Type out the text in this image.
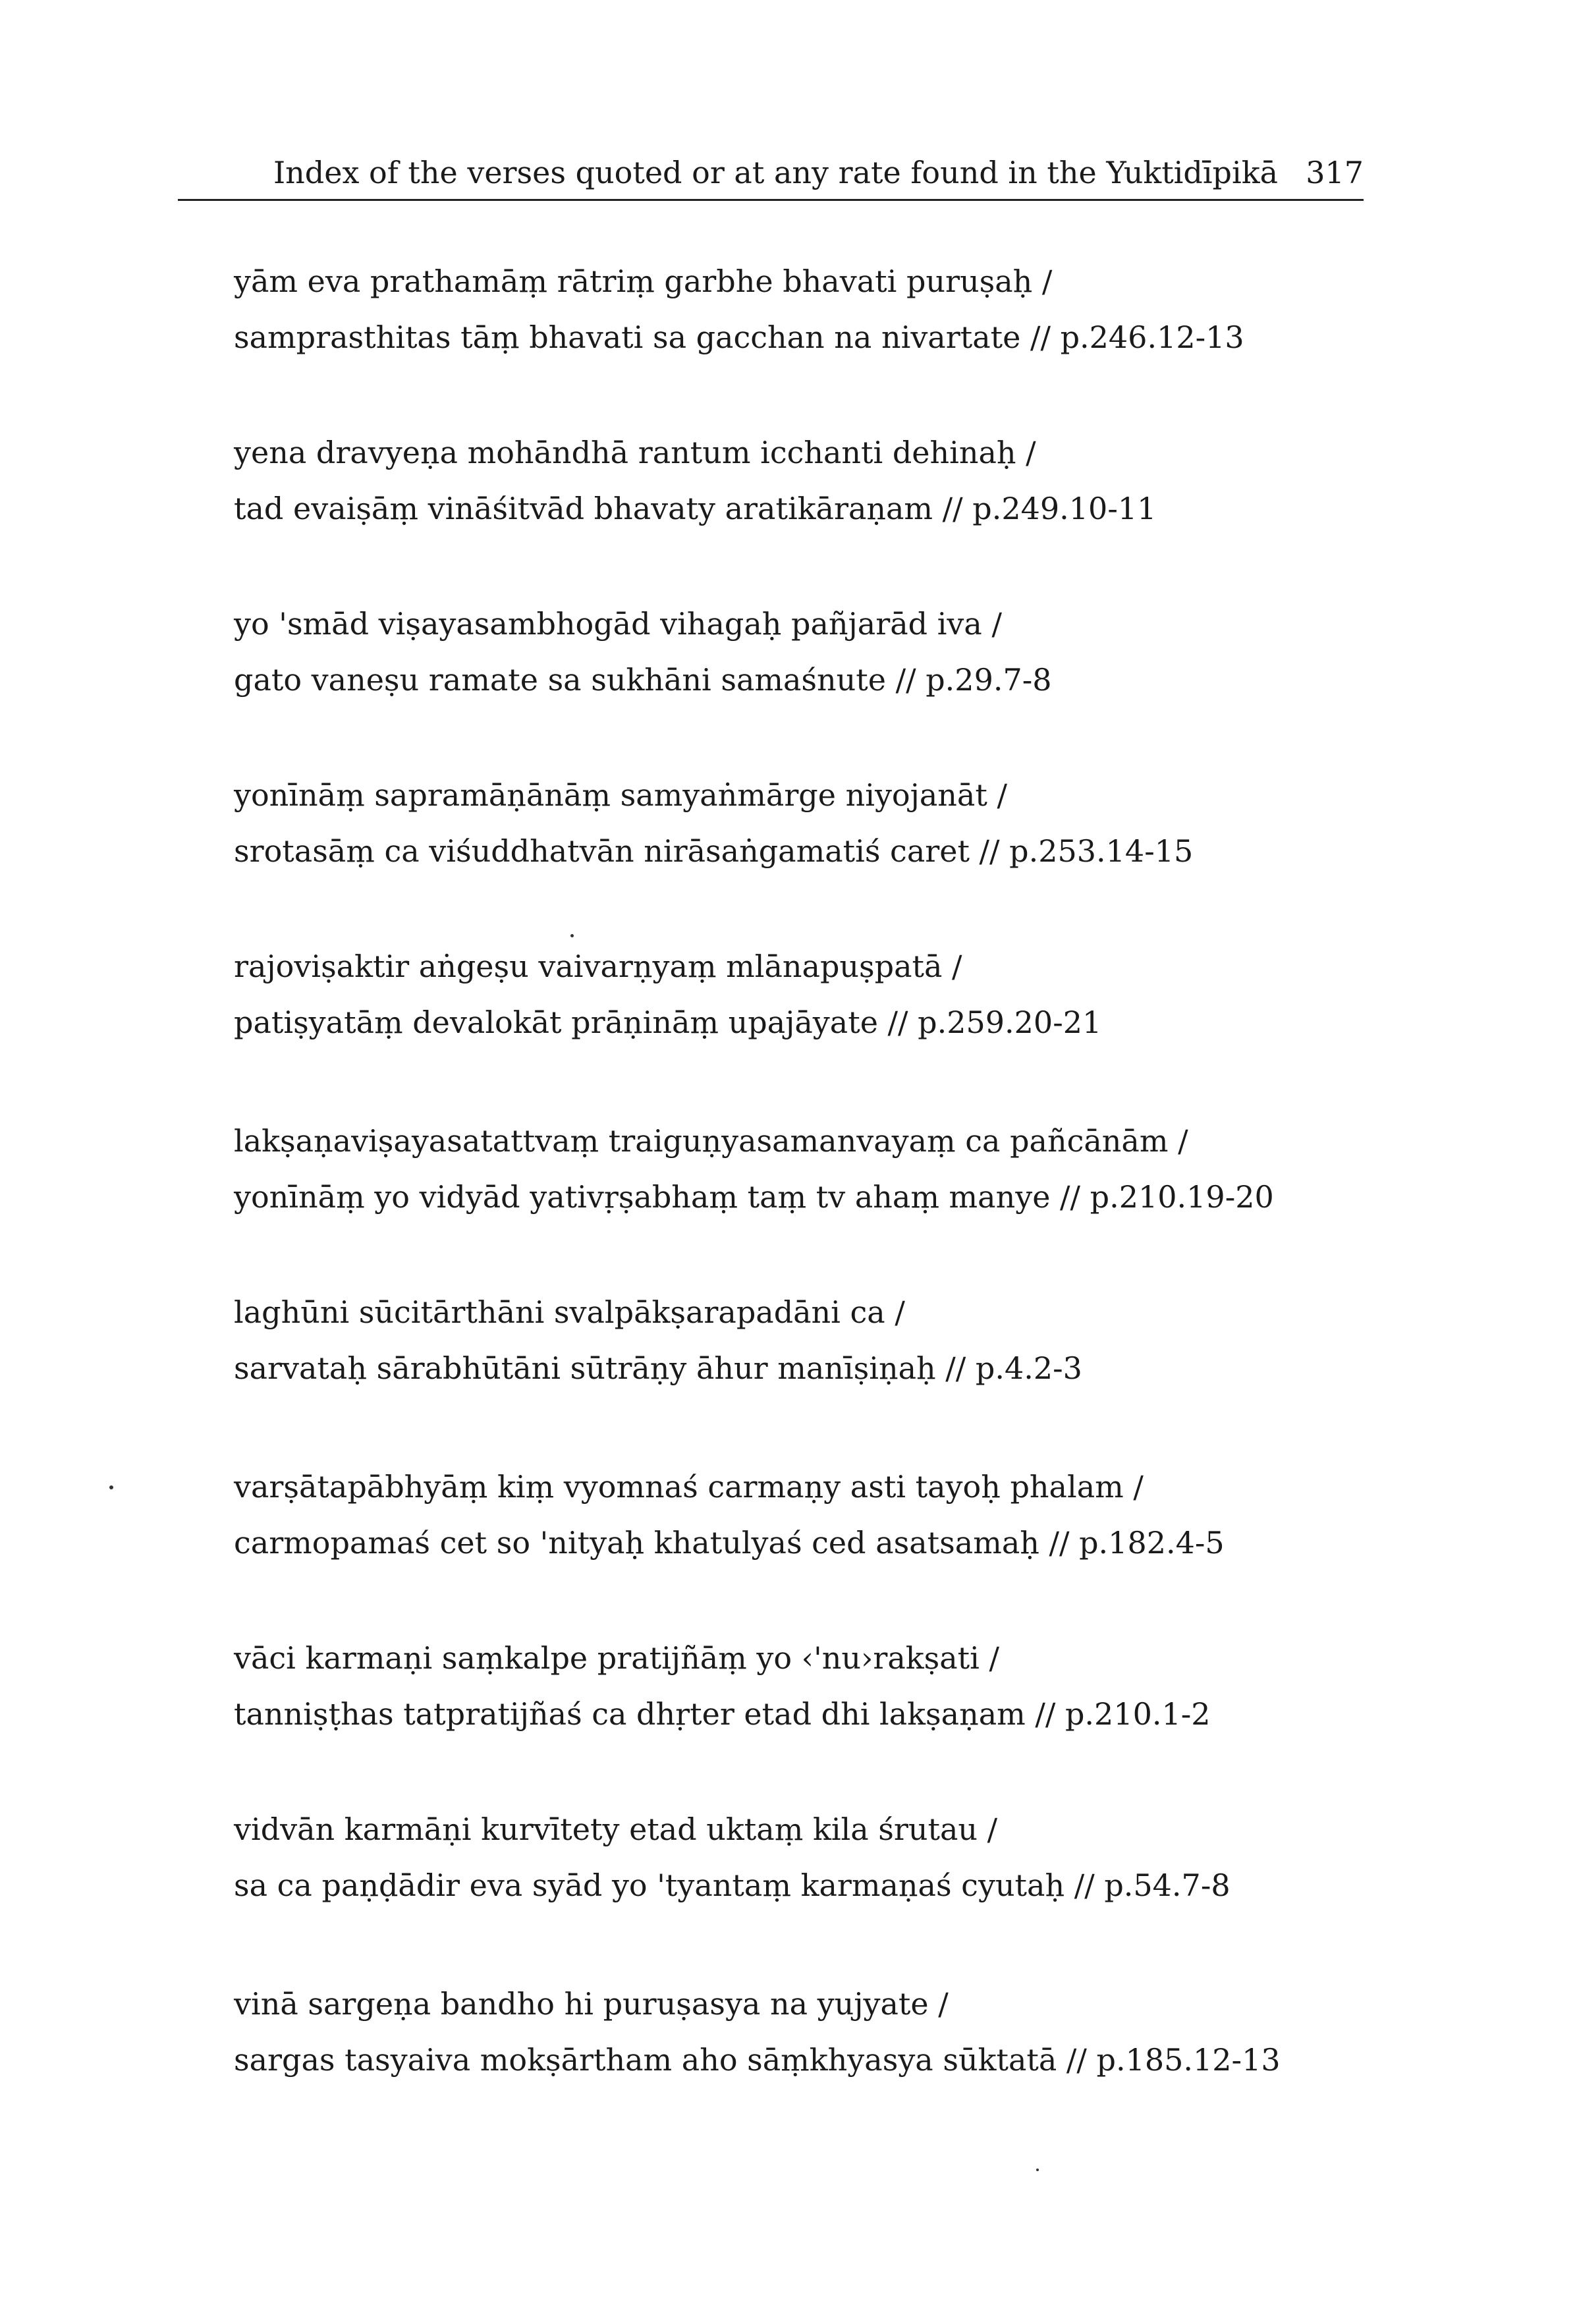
Index of the verses quoted or at any rate found in the Yuktidīpikā 317
yām eva prathamāṃ rātriṃ garbhe bhavati puruṣaḥ /
samprasthitas tāṃ bhavati sa gacchan na nivartate // p.246.12-13
yena dravyeṇa mohāndhā rantum icchanti dehinaḥ /
tad evaiṣāṃ vināśitvād bhavaty aratikāraṇam // p.249.10-11
yo 'smād viṣayasambhogād vihagaḥ pañjarād iva /
gato vaneṣu ramate sa sukhāni samaśnute // p.29.7-8
yonīnāṃ sapramāṇānāṃ samyaṅmārge niyojanāt /
srotasāṃ ca viśuddhatvān nirāsaṅgamatiś caret // p.253.14-15
rajoviṣaktir aṅgeṣu vaivarṇyaṃ mlānapuṣpatā /
patiṣyatāṃ devalokāt prāṇināṃ upajāyate // p.259.20-21
lakṣaṇaviṣayasatattvaṃ traiguṇyasamanvayaṃ ca pañcānām /
yonīnāṃ yo vidyād yativṛṣabhaṃ taṃ tv ahaṃ manye // p.210.19-20
laghūni sūcitārthāni svalpākṣarapadāni ca /
sarvataḥ sārabhūtāni sūtrāṇy āhur manīṣiṇaḥ // p.4.2-3
varṣātapābhyāṃ kiṃ vyomnaś carmaṇy asti tayoḥ phalam /
carmopamaś cet so 'nityaḥ khatulyaś ced asatsamaḥ // p.182.4-5
vāci karmaṇi saṃkalpe pratijñāṃ yo ‹'nu›rakṣati /
tanniṣṭhas tatpratijñaś ca dhṛter etad dhi lakṣaṇam // p.210.1-2
vidvān karmāṇi kurvītety etad uktaṃ kila śrutau /
sa ca paṇḍādir eva syād yo 'tyantaṃ karmaṇaś cyutaḥ // p.54.7-8
vinā sargeṇa bandho hi puruṣasya na yujyate /
sargas tasyaiva mokṣārtham aho sāṃkhyasya sūktatā // p.185.12-13
